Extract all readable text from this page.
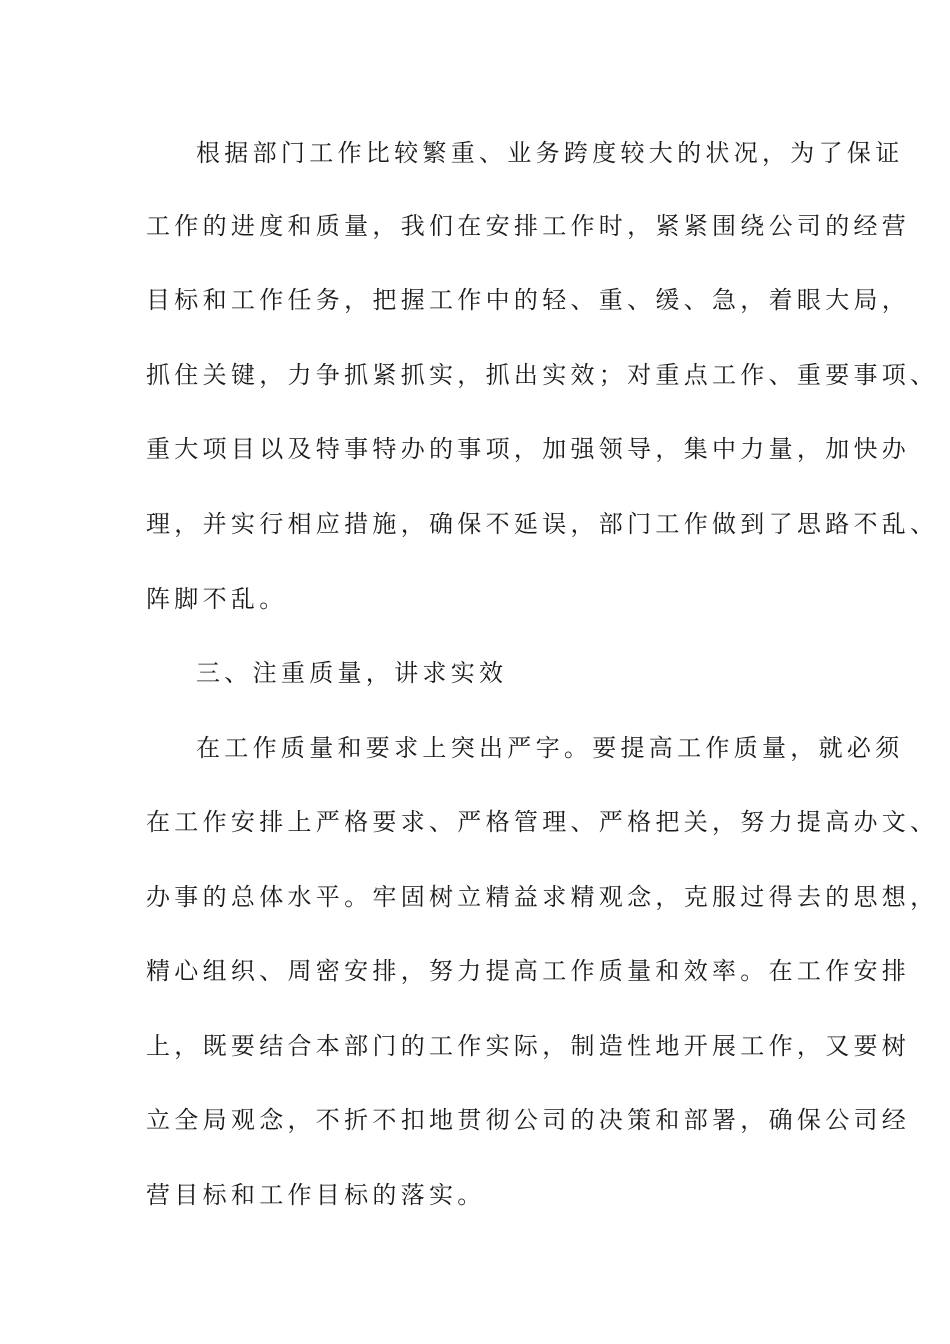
根据部门工作比较繁重、业务跨度较大的状况，为了保证
工作的进度和质量，我们在安排工作时，紧紧围绕公司的经营
目标和工作任务，把握工作中的轻、重、缓、急，着眼大局，
抓住关键，力争抓紧抓实，抓出实效；对重点工作、重要事项、
重大项目以及特事特办的事项，加强领导，集中力量，加快办
理，并实行相应措施，确保不延误，部门工作做到了思路不乱、
阵脚不乱。
三、注重质量，讲求实效
在工作质量和要求上突出严字。要提高工作质量，就必须
在工作安排上严格要求、严格管理、严格把关，努力提高办文、
办事的总体水平。牢固树立精益求精观念，克服过得去的思想，
精心组织、周密安排，努力提高工作质量和效率。在工作安排
上，既要结合本部门的工作实际，制造性地开展工作，又要树
立全局观念，不折不扣地贯彻公司的决策和部署，确保公司经
营目标和工作目标的落实。
